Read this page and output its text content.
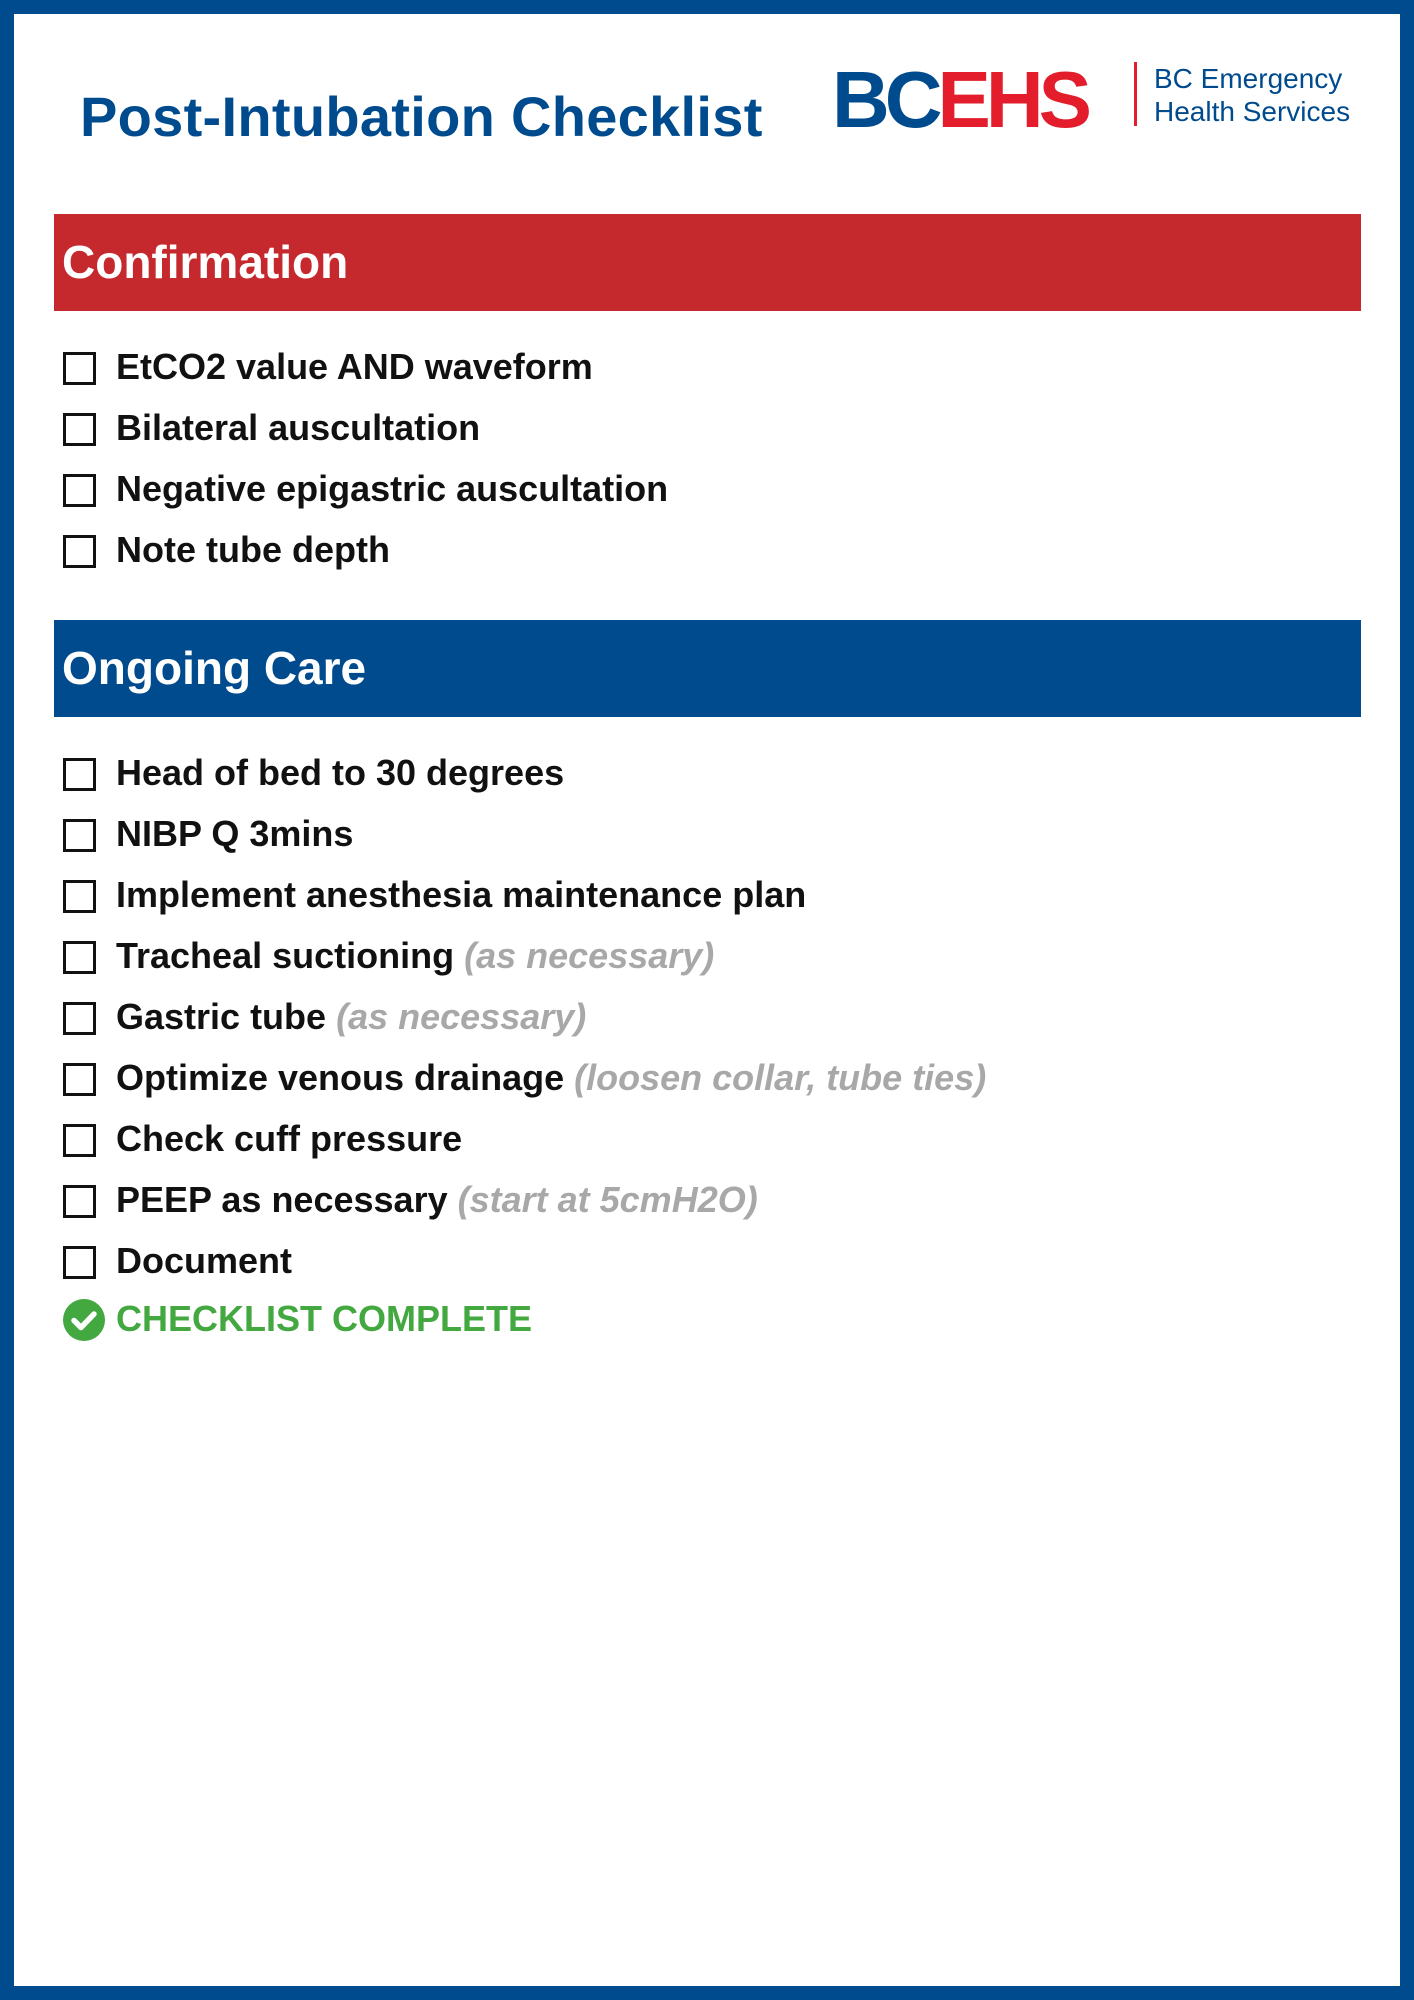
Post-Intubation Checklist BCEHS BC Emergency
Health Services
Confirmation
EtCO2 value AND waveform
Bilateral auscultation
Negative epigastric auscultation
Note tube depth
Ongoing Care
Head of bed to 30 degrees
NIBP Q 3mins
Implement anesthesia maintenance plan
Tracheal suctioning (as necessary)
Gastric tube (as necessary)
Optimize venous drainage (loosen collar, tube ties)
Check cuff pressure
PEEP as necessary (start at 5cmH2O)
Document
CHECKLIST COMPLETE
